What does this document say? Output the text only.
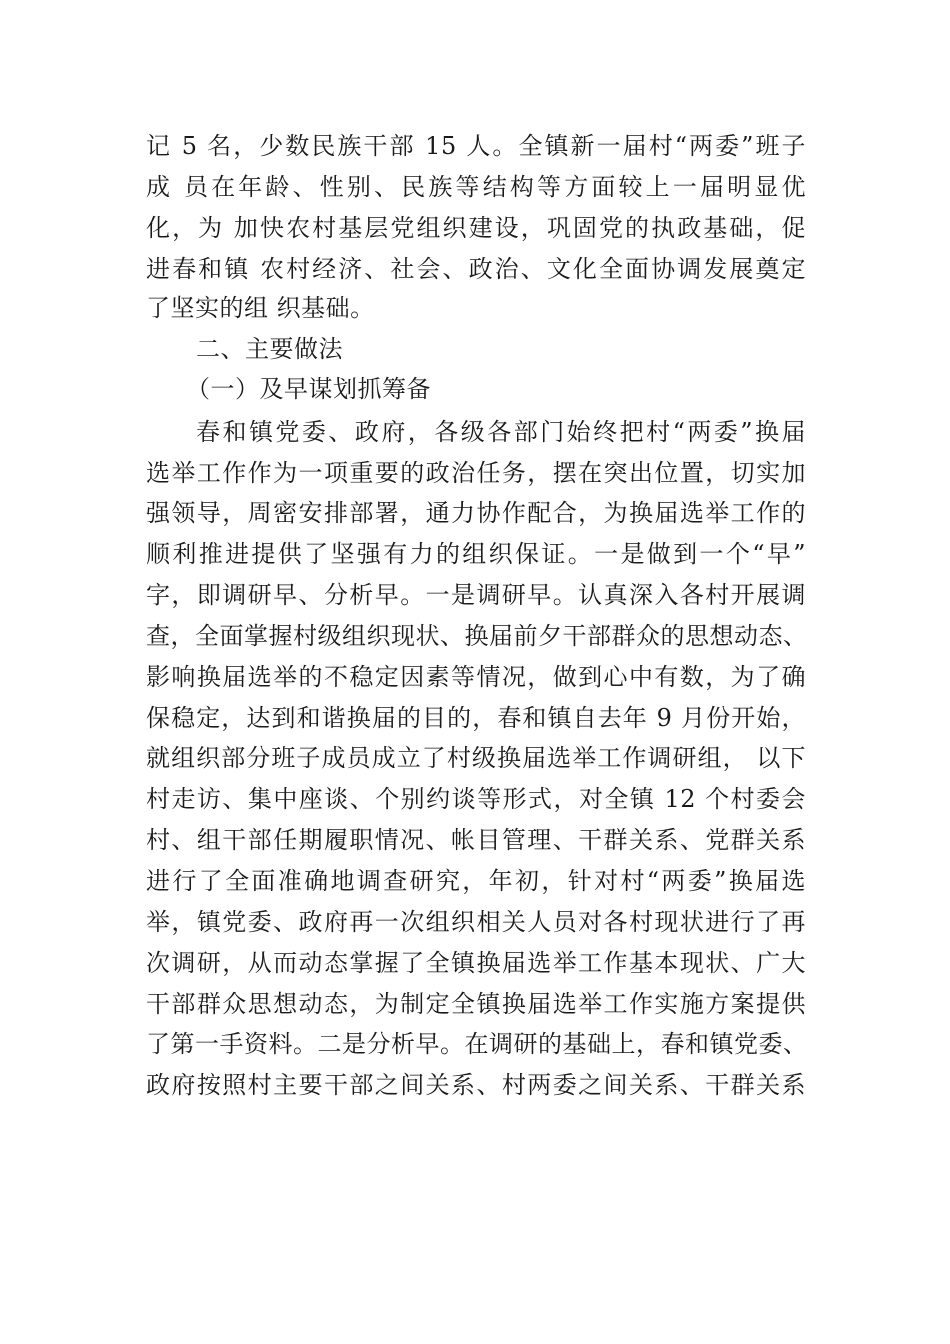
记 5 名，少数民族干部 15 人。全镇新一届村“两委”班子
成 员在年龄、性别、民族等结构等方面较上一届明显优
化，为 加快农村基层党组织建设，巩固党的执政基础，促
进春和镇 农村经济、社会、政治、文化全面协调发展奠定
了坚实的组 织基础。
二、主要做法
（一）及早谋划抓筹备
春和镇党委、政府，各级各部门始终把村“两委”换届
选举工作作为一项重要的政治任务，摆在突出位置，切实加
强领导，周密安排部署，通力协作配合，为换届选举工作的
顺利推进提供了坚强有力的组织保证。一是做到一个“早”
字，即调研早、分析早。一是调研早。认真深入各村开展调
查，全面掌握村级组织现状、换届前夕干部群众的思想动态、
影响换届选举的不稳定因素等情况，做到心中有数，为了确
保稳定，达到和谐换届的目的，春和镇自去年 9 月份开始，
就组织部分班子成员成立了村级换届选举工作调研组， 以下
村走访、集中座谈、个别约谈等形式，对全镇 12 个村委会
村、组干部任期履职情况、帐目管理、干群关系、党群关系
进行了全面准确地调查研究，年初，针对村“两委”换届选
举，镇党委、政府再一次组织相关人员对各村现状进行了再
次调研，从而动态掌握了全镇换届选举工作基本现状、广大
干部群众思想动态，为制定全镇换届选举工作实施方案提供
了第一手资料。二是分析早。在调研的基础上，春和镇党委、
政府按照村主要干部之间关系、村两委之间关系、干群关系
